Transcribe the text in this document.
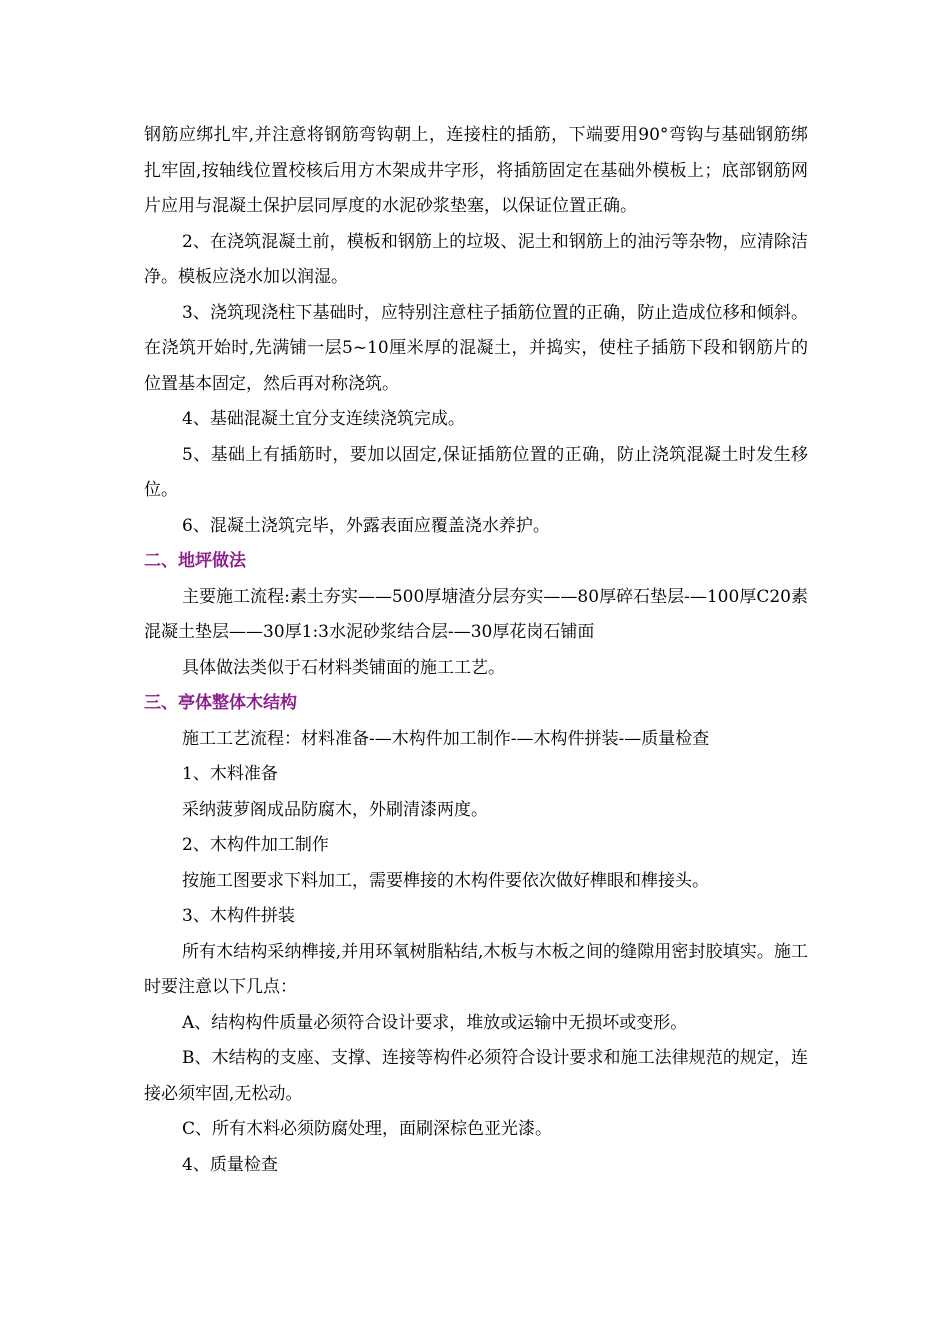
钢筋应绑扎牢,并注意将钢筋弯钩朝上，连接柱的插筋，下端要用90°弯钩与基础钢筋绑扎牢固,按轴线位置校核后用方木架成井字形，将插筋固定在基础外模板上；底部钢筋网片应用与混凝土保护层同厚度的水泥砂浆垫塞，以保证位置正确。

2、在浇筑混凝土前，模板和钢筋上的垃圾、泥土和钢筋上的油污等杂物，应清除洁净。模板应浇水加以润湿。

3、浇筑现浇柱下基础时，应特别注意柱子插筋位置的正确，防止造成位移和倾斜。在浇筑开始时,先满铺一层5~10厘米厚的混凝土，并捣实，使柱子插筋下段和钢筋片的位置基本固定，然后再对称浇筑。

4、基础混凝土宜分支连续浇筑完成。

5、基础上有插筋时，要加以固定,保证插筋位置的正确，防止浇筑混凝土时发生移位。

6、混凝土浇筑完毕，外露表面应覆盖浇水养护。

二、地坪做法

主要施工流程:素土夯实——500厚塘渣分层夯实——80厚碎石垫层-—100厚C20素混凝土垫层——30厚1:3水泥砂浆结合层-—30厚花岗石铺面

具体做法类似于石材料类铺面的施工工艺。

三、亭体整体木结构

施工工艺流程：材料准备-—木构件加工制作-—木构件拼装-—质量检查

1、木料准备

采纳菠萝阁成品防腐木，外刷清漆两度。

2、木构件加工制作

按施工图要求下料加工，需要榫接的木构件要依次做好榫眼和榫接头。

3、木构件拼装

所有木结构采纳榫接,并用环氧树脂粘结,木板与木板之间的缝隙用密封胶填实。施工时要注意以下几点：

A、结构构件质量必须符合设计要求，堆放或运输中无损坏或变形。

B、木结构的支座、支撑、连接等构件必须符合设计要求和施工法律规范的规定，连接必须牢固,无松动。

C、所有木料必须防腐处理，面刷深棕色亚光漆。

4、质量检查
